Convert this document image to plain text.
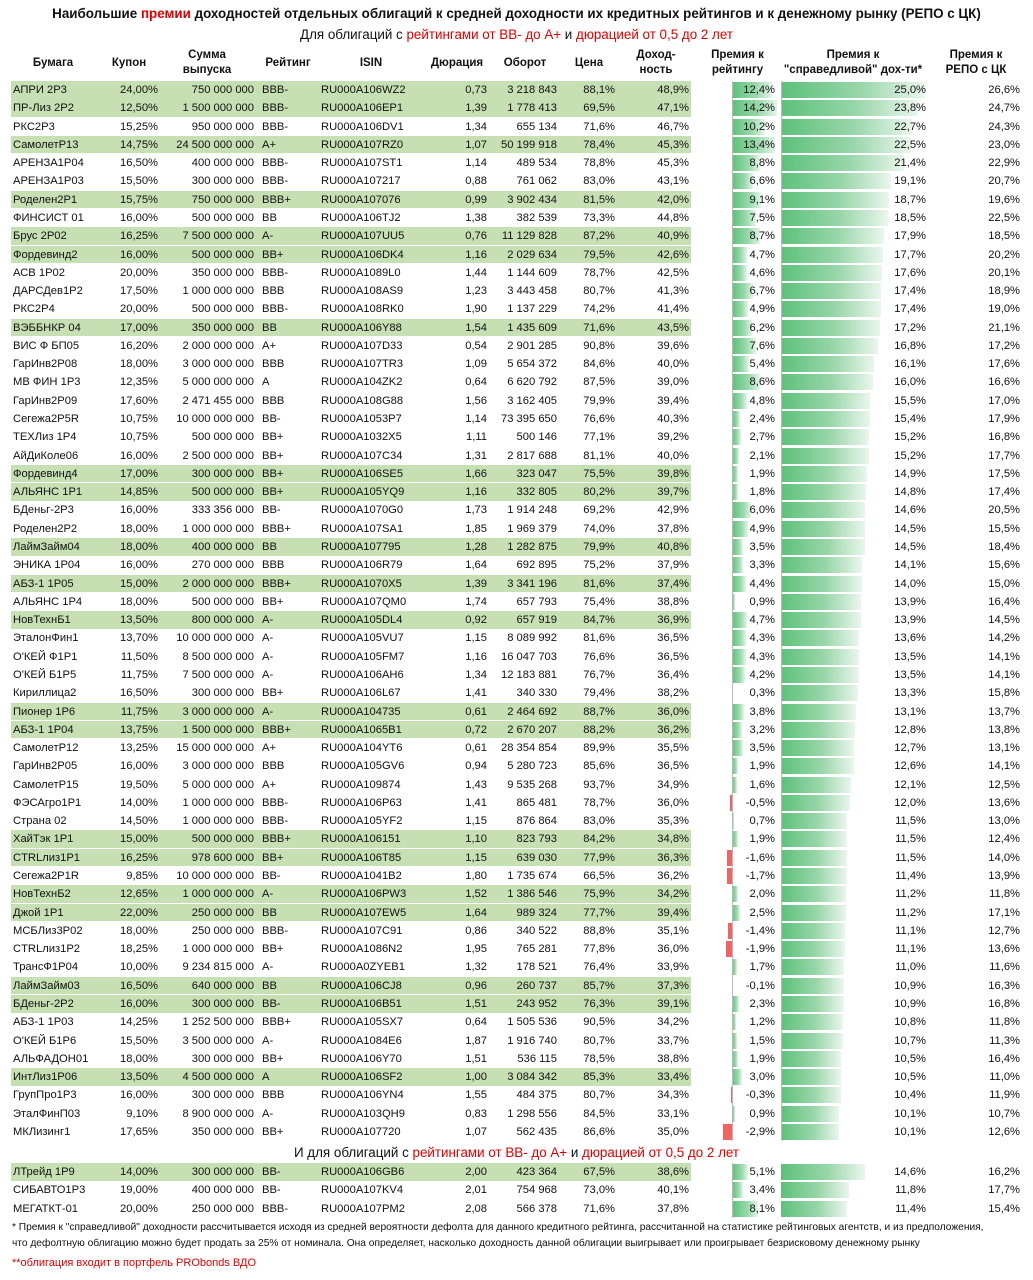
Наибольшие премии доходностей отдельных облигаций к средней доходности их кредитных рейтингов и к денежному рынку (РЕПО с ЦК)
Для облигаций с рейтингами от ВВ- до А+ и дюрацией от 0,5 до 2 лет
Бумага	Купон
Сумма
выпуска
Рейтинг	ISIN	Дюрация	Оборот	Цена
Доход-
ность
Премия к
рейтингу
Премия к
"справедливой" дох-ти*
Премия к
РЕПО с ЦК
АПРИ 2Р3	24,00%	750 000 000 BBB-	RU000A106WZ2	0,73	3 218 843	88,1%	48,9%	12,4%	25,0%	26,6%
ПР-Лиз 2Р2	12,50%	1 500 000 000 BBB-	RU000A106EP1	1,39	1 778 413	69,5%	47,1%	14,2%	23,8%	24,7%
РКС2Р3	15,25%	950 000 000 BBB-	RU000A106DV1	1,34	655 134	71,6%	46,7%	10,2%	22,7%	24,3%
СамолетР13	14,75%	24 500 000 000 A+	RU000A107RZ0	1,07	50 199 918	78,4%	45,3%	13,4%	22,5%	23,0%
АРЕНЗА1Р04	16,50%	400 000 000 BBB-	RU000A107ST1	1,14	489 534	78,8%	45,3%	8,8%	21,4%	22,9%
АРЕНЗА1Р03	15,50%	300 000 000 BBB-	RU000A107217	0,88	761 062	83,0%	43,1%	6,6%	19,1%	20,7%
Роделен2Р1	15,75%	750 000 000 BBB+	RU000A107076	0,99	3 902 434	81,5%	42,0%	9,1%	18,7%	19,6%
ФИНСИСТ 01	16,00%	500 000 000 BB	RU000A106TJ2	1,38	382 539	73,3%	44,8%	7,5%	18,5%	22,5%
Брус 2Р02	16,25%	7 500 000 000 A-	RU000A107UU5	0,76	11 129 828	87,2%	40,9%	8,7%	17,9%	18,5%
Фордевинд2	16,00%	500 000 000 BB+	RU000A106DK4	1,16	2 029 634	79,5%	42,6%	4,7%	17,7%	20,2%
АСВ 1Р02	20,00%	350 000 000 BBB-	RU000A1089L0	1,44	1 144 609	78,7%	42,5%	4,6%	17,6%	20,1%
ДАРСДев1Р2	17,50%	1 000 000 000 BBB	RU000A108AS9	1,23	3 443 458	80,7%	41,3%	6,7%	17,4%	18,9%
РКС2Р4	20,00%	500 000 000 BBB-	RU000A108RK0	1,90	1 137 229	74,2%	41,4%	4,9%	17,4%	19,0%
ВЭББНКР 04	17,00%	350 000 000 BB	RU000A106Y88	1,54	1 435 609	71,6%	43,5%	6,2%	17,2%	21,1%
ВИС Ф БП05	16,20%	2 000 000 000 A+	RU000A107D33	0,54	2 901 285	90,8%	39,6%	7,6%	16,8%	17,2%
ГарИнв2Р08	18,00%	3 000 000 000 BBB	RU000A107TR3	1,09	5 654 372	84,6%	40,0%	5,4%	16,1%	17,6%
МВ ФИН 1Р3	12,35%	5 000 000 000 A	RU000A104ZK2	0,64	6 620 792	87,5%	39,0%	8,6%	16,0%	16,6%
ГарИнв2Р09	17,60%	2 471 455 000 BBB	RU000A108G88	1,56	3 162 405	79,9%	39,4%	4,8%	15,5%	17,0%
Сегежа2Р5R	10,75%	10 000 000 000 BB-	RU000A1053P7	1,14	73 395 650	76,6%	40,3%	2,4%	15,4%	17,9%
ТЕХЛиз 1Р4	10,75%	500 000 000 BB+	RU000A1032X5	1,11	500 146	77,1%	39,2%	2,7%	15,2%	16,8%
АйДиКоле06	16,00%	2 500 000 000 BB+	RU000A107C34	1,31	2 817 688	81,1%	40,0%	2,1%	15,2%	17,7%
Фордевинд4	17,00%	300 000 000 BB+	RU000A106SE5	1,66	323 047	75,5%	39,8%	1,9%	14,9%	17,5%
АЛЬЯНС 1Р1	14,85%	500 000 000 BB+	RU000A105YQ9	1,16	332 805	80,2%	39,7%	1,8%	14,8%	17,4%
БДеньг-2Р3	16,00%	333 356 000 BB-	RU000A1070G0	1,73	1 914 248	69,2%	42,9%	6,0%	14,6%	20,5%
Роделен2Р2	18,00%	1 000 000 000 BBB+	RU000A107SA1	1,85	1 969 379	74,0%	37,8%	4,9%	14,5%	15,5%
ЛаймЗайм04	18,00%	400 000 000 BB	RU000A107795	1,28	1 282 875	79,9%	40,8%	3,5%	14,5%	18,4%
ЭНИКА 1Р04	16,00%	270 000 000 BBB	RU000A106R79	1,64	692 895	75,2%	37,9%	3,3%	14,1%	15,6%
АБЗ-1 1Р05	15,00%	2 000 000 000 BBB+	RU000A1070X5	1,39	3 341 196	81,6%	37,4%	4,4%	14,0%	15,0%
АЛЬЯНС 1Р4	18,00%	500 000 000 BB+	RU000A107QM0	1,74	657 793	75,4%	38,8%	0,9%	13,9%	16,4%
НовТехнБ1	13,50%	800 000 000 A-	RU000A105DL4	0,92	657 919	84,7%	36,9%	4,7%	13,9%	14,5%
ЭталонФин1	13,70%	10 000 000 000 A-	RU000A105VU7	1,15	8 089 992	81,6%	36,5%	4,3%	13,6%	14,2%
О'КЕЙ Ф1Р1	11,50%	8 500 000 000 A-	RU000A105FM7	1,16	16 047 703	76,6%	36,5%	4,3%	13,5%	14,1%
О'КЕЙ Б1Р5	11,75%	7 500 000 000 A-	RU000A106AH6	1,34	12 183 881	76,7%	36,4%	4,2%	13,5%	14,1%
Кириллица2	16,50%	300 000 000 BB+	RU000A106L67	1,41	340 330	79,4%	38,2%	0,3%	13,3%	15,8%
Пионер 1Р6	11,75%	3 000 000 000 A-	RU000A104735	0,61	2 464 692	88,7%	36,0%	3,8%	13,1%	13,7%
АБЗ-1 1Р04	13,75%	1 500 000 000 BBB+	RU000A1065B1	0,72	2 670 207	88,2%	36,2%	3,2%	12,8%	13,8%
СамолетР12	13,25%	15 000 000 000 A+	RU000A104YT6	0,61	28 354 854	89,9%	35,5%	3,5%	12,7%	13,1%
ГарИнв2Р05	16,00%	3 000 000 000 BBB	RU000A105GV6	0,94	5 280 723	85,6%	36,5%	1,9%	12,6%	14,1%
СамолетР15	19,50%	5 000 000 000 A+	RU000A109874	1,43	9 535 268	93,7%	34,9%	1,6%	12,1%	12,5%
ФЭСАгро1Р1	14,00%	1 000 000 000 BBB-	RU000A106P63	1,41	865 481	78,7%	36,0%	-0,5%	12,0%	13,6%
Страна 02	14,50%	1 000 000 000 BBB-	RU000A105YF2	1,15	876 864	83,0%	35,3%	0,7%	11,5%	13,0%
ХайТэк 1Р1	15,00%	500 000 000 BBB+	RU000A106151	1,10	823 793	84,2%	34,8%	1,9%	11,5%	12,4%
CTRLлиз1Р1	16,25%	978 600 000 BB+	RU000A106T85	1,15	639 030	77,9%	36,3%	-1,6%	11,5%	14,0%
Сегежа2Р1R	9,85%	10 000 000 000 BB-	RU000A1041B2	1,80	1 735 674	66,5%	36,2%	-1,7%	11,4%	13,9%
НовТехнБ2	12,65%	1 000 000 000 A-	RU000A106PW3	1,52	1 386 546	75,9%	34,2%	2,0%	11,2%	11,8%
Джой 1Р1	22,00%	250 000 000 BB	RU000A107EW5	1,64	989 324	77,7%	39,4%	2,5%	11,2%	17,1%
МСБЛиз3Р02	18,00%	250 000 000 BBB-	RU000A107C91	0,86	340 522	88,8%	35,1%	-1,4%	11,1%	12,7%
CTRLлиз1Р2	18,25%	1 000 000 000 BB+	RU000A1086N2	1,95	765 281	77,8%	36,0%	-1,9%	11,1%	13,6%
ТрансФ1Р04	10,00%	9 234 815 000 A-	RU000A0ZYEB1	1,32	178 521	76,4%	33,9%	1,7%	11,0%	11,6%
ЛаймЗайм03	16,50%	640 000 000 BB	RU000A106CJ8	0,96	260 737	85,7%	37,3%	-0,1%	10,9%	16,3%
БДеньг-2Р2	16,00%	300 000 000 BB-	RU000A106B51	1,51	243 952	76,3%	39,1%	2,3%	10,9%	16,8%
АБЗ-1 1Р03	14,25%	1 252 500 000 BBB+	RU000A105SX7	0,64	1 505 536	90,5%	34,2%	1,2%	10,8%	11,8%
О'КЕЙ Б1Р6	15,50%	3 500 000 000 A-	RU000A1084E6	1,87	1 916 740	80,7%	33,7%	1,5%	10,7%	11,3%
АЛЬФАДОН01	18,00%	300 000 000 BB+	RU000A106Y70	1,51	536 115	78,5%	38,8%	1,9%	10,5%	16,4%
ИнтЛиз1Р06	13,50%	4 500 000 000 A	RU000A106SF2	1,00	3 084 342	85,3%	33,4%	3,0%	10,5%	11,0%
ГрупПро1Р3	16,00%	300 000 000 BBB	RU000A106YN4	1,55	484 375	80,7%	34,3%	-0,3%	10,4%	11,9%
ЭталФинП03	9,10%	8 900 000 000 A-	RU000A103QH9	0,83	1 298 556	84,5%	33,1%	0,9%	10,1%	10,7%
МКЛизинг1	17,65%	350 000 000 BB+	RU000A107720	1,07	562 435	86,6%	35,0%	-2,9%	10,1%	12,6%
И для облигаций с рейтингами от ВВ- до А+ и дюрацией от 0,5 до 2 лет
ЛТрейд 1Р9	14,00%	300 000 000 BB-	RU000A106GB6	2,00	423 364	67,5%	38,6%	5,1%	14,6%	16,2%
СИБАВТО1Р3	19,00%	400 000 000 BB-	RU000A107KV4	2,01	754 968	73,0%	40,1%	3,4%	11,8%	17,7%
МЕГАТКТ-01	20,00%	250 000 000 BBB-	RU000A107PM2	2,08	566 378	71,6%	37,8%	8,1%	11,4%	15,4%
* Премия к "справедливой" доходности рассчитывается исходя из средней вероятности дефолта для данного кредитного рейтинга, рассчитанной на статистике рейтинговых агентств, и из предположения,
что дефолтную облигацию можно будет продать за 25% от номинала. Она определяет, насколько доходность данной облигации выигрывает или проигрывает безрисковому денежному рынку
**облигация входит в портфель PRObonds ВДО
